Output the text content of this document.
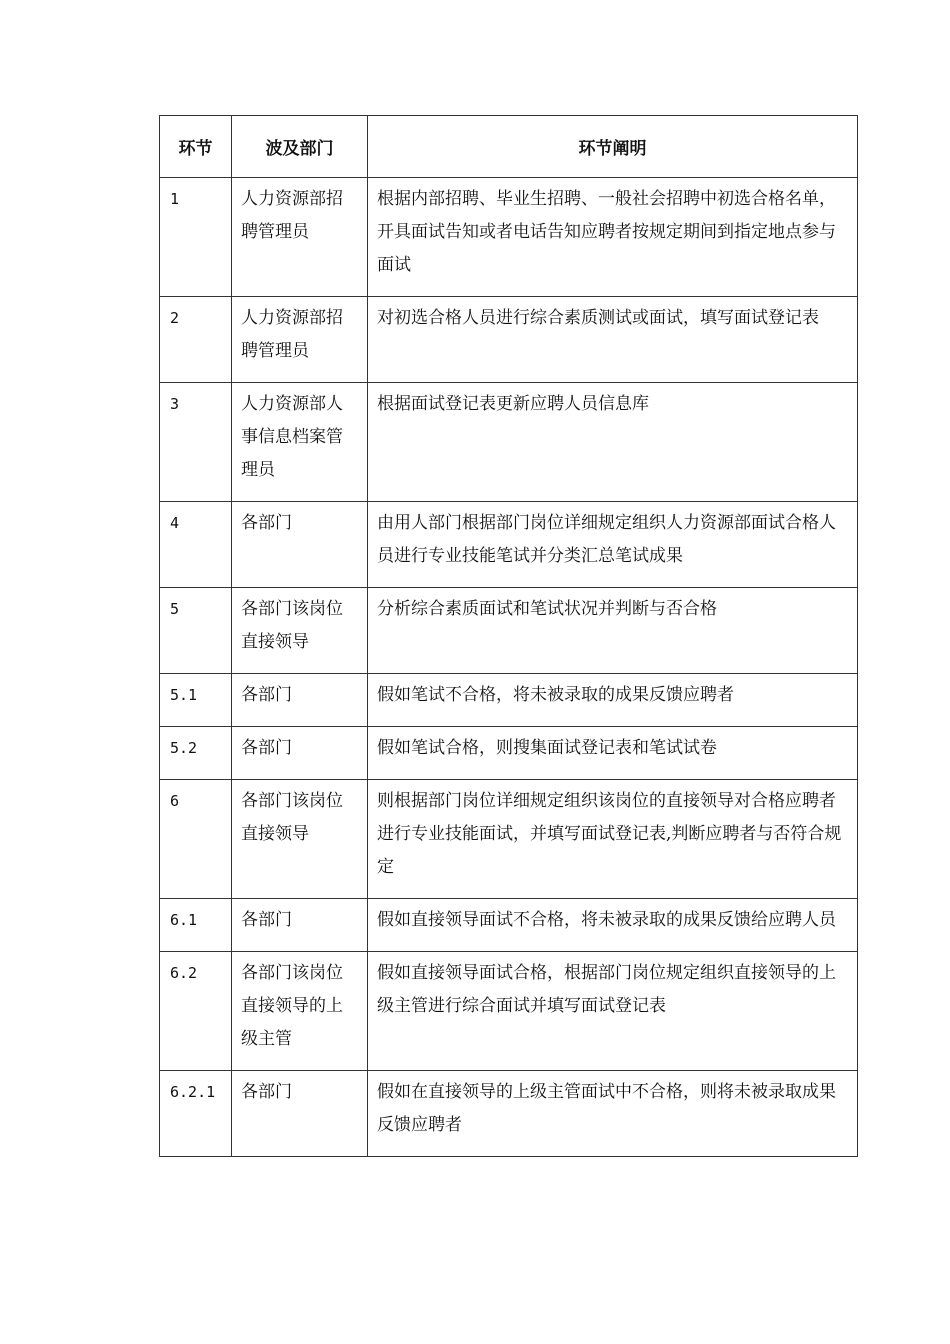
环节	波及部门	环节阐明

1	人力资源部招聘管理员	根据内部招聘、毕业生招聘、一般社会招聘中初选合格名单，开具面试告知或者电话告知应聘者按规定期间到指定地点参与面试

2	人力资源部招聘管理员	对初选合格人员进行综合素质测试或面试，填写面试登记表

3	人力资源部人事信息档案管理员	根据面试登记表更新应聘人员信息库

4	各部门	由用人部门根据部门岗位详细规定组织人力资源部面试合格人员进行专业技能笔试并分类汇总笔试成果

5	各部门该岗位直接领导	分析综合素质面试和笔试状况并判断与否合格

5.1	各部门	假如笔试不合格，将未被录取的成果反馈应聘者

5.2	各部门	假如笔试合格，则搜集面试登记表和笔试试卷

6	各部门该岗位直接领导	则根据部门岗位详细规定组织该岗位的直接领导对合格应聘者进行专业技能面试，并填写面试登记表,判断应聘者与否符合规定

6.1	各部门	假如直接领导面试不合格，将未被录取的成果反馈给应聘人员

6.2	各部门该岗位直接领导的上级主管	假如直接领导面试合格，根据部门岗位规定组织直接领导的上级主管进行综合面试并填写面试登记表

6.2.1	各部门	假如在直接领导的上级主管面试中不合格，则将未被录取成果反馈应聘者
